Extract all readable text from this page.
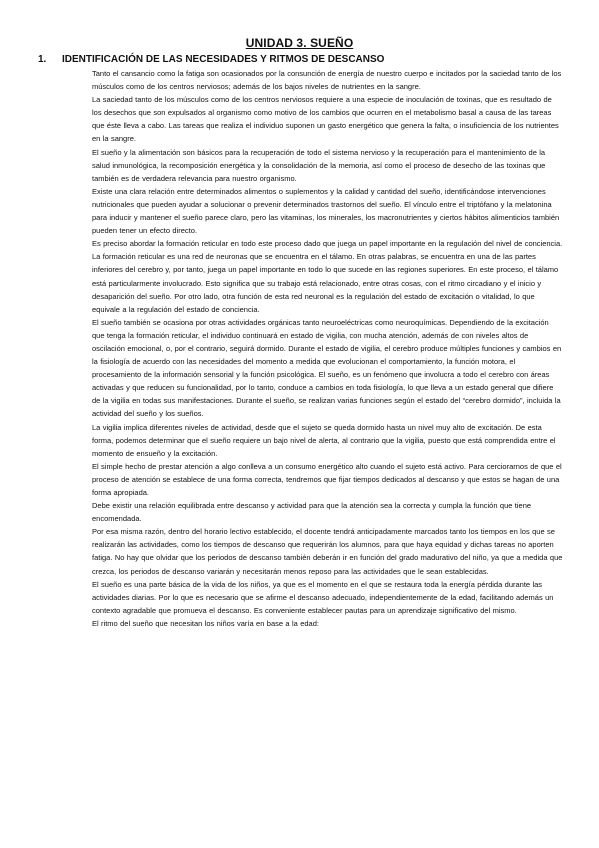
UNIDAD 3. SUEÑO
1.	IDENTIFICACIÓN DE LAS NECESIDADES Y RITMOS DE DESCANSO

Tanto el cansancio como la fatiga son ocasionados por la consunción de energía de nuestro cuerpo e incitados por la saciedad tanto de los músculos como de los centros nerviosos; además de los bajos niveles de nutrientes en la sangre.

La saciedad tanto de los músculos como de los centros nerviosos requiere a una especie de inoculación de toxinas, que es resultado de los desechos que son expulsados al organismo como motivo de los cambios que ocurren en el metabolismo basal a causa de las tareas que éste lleva a cabo. Las tareas que realiza el individuo suponen un gasto energético que genera la falta, o insuficiencia de los nutrientes en la sangre.

El sueño y la alimentación son básicos para la recuperación de todo el sistema nervioso y la recuperación para el mantenimiento de la salud inmunológica, la recomposición energética y la consolidación de la memoria, así como el proceso de desecho de las toxinas que también es de verdadera relevancia para nuestro organismo.

Existe una clara relación entre determinados alimentos o suplementos y la calidad y cantidad del sueño, identificándose intervenciones nutricionales que pueden ayudar a solucionar o prevenir determinados trastornos del sueño. El vínculo entre el triptófano y la melatonina para inducir y mantener el sueño parece claro, pero las vitaminas, los minerales, los macronutrientes y ciertos hábitos alimenticios también pueden tener un efecto directo.

Es preciso abordar la formación reticular en todo este proceso dado que juega un papel importante en la regulación del nivel de conciencia. La formación reticular es una red de neuronas que se encuentra en el tálamo. En otras palabras, se encuentra en una de las partes inferiores del cerebro y, por tanto, juega un papel importante en todo lo que sucede en las regiones superiores. En este proceso, el tálamo está particularmente involucrado. Esto significa que su trabajo está relacionado, entre otras cosas, con el ritmo circadiano y el inicio y desaparición del sueño. Por otro lado, otra función de esta red neuronal es la regulación del estado de excitación o vitalidad, lo que equivale a la regulación del estado de conciencia.

El sueño también se ocasiona por otras actividades orgánicas tanto neuroeléctricas como neuroquímicas. Dependiendo de la excitación que tenga la formación reticular, el individuo continuará en estado de vigilia, con mucha atención, además de con niveles altos de oscilación emocional, o, por el contrario, seguirá dormido. Durante el estado de vigilia, el cerebro produce múltiples funciones y cambios en la fisiología de acuerdo con las necesidades del momento a medida que evolucionan el comportamiento, la función motora, el procesamiento de la información sensorial y la función psicológica. El sueño, es un fenómeno que involucra a todo el cerebro con áreas activadas y que reducen su funcionalidad, por lo tanto, conduce a cambios en toda fisiología, lo que lleva a un estado general que difiere de la vigilia en todas sus manifestaciones. Durante el sueño, se realizan varias funciones según el estado del “cerebro dormido”, incluida la actividad del sueño y los sueños.

La vigilia implica diferentes niveles de actividad, desde que el sujeto se queda dormido hasta un nivel muy alto de excitación. De esta forma, podemos determinar que el sueño requiere un bajo nivel de alerta, al contrario que la vigilia, puesto que está comprendida entre el momento de ensueño y la excitación.

El simple hecho de prestar atención a algo conlleva a un consumo energético alto cuando el sujeto está activo. Para cerciorarnos de que el proceso de atención se establece de una forma correcta, tendremos que fijar tiempos dedicados al descanso y que estos se hagan de una forma apropiada.

Debe existir una relación equilibrada entre descanso y actividad para que la atención sea la correcta y cumpla la función que tiene encomendada.

Por esa misma razón, dentro del horario lectivo establecido, el docente tendrá anticipadamente marcados tanto los tiempos en los que se realizarán las actividades, como los tiempos de descanso que requerirán los alumnos, para que haya equidad y dichas tareas no aporten fatiga. No hay que olvidar que los periodos de descanso también deberán ir en función del grado madurativo del niño, ya que a medida que crezca, los periodos de descanso variarán y necesitarán menos reposo para las actividades que le sean establecidas.

El sueño es una parte básica de la vida de los niños, ya que es el momento en el que se restaura toda la energía pérdida durante las actividades diarias. Por lo que es necesario que se afirme el descanso adecuado, independientemente de la edad, facilitando además un contexto agradable que promueva el descanso. Es conveniente establecer pautas para un aprendizaje significativo del mismo.

El ritmo del sueño que necesitan los niños varía en base a la edad:
